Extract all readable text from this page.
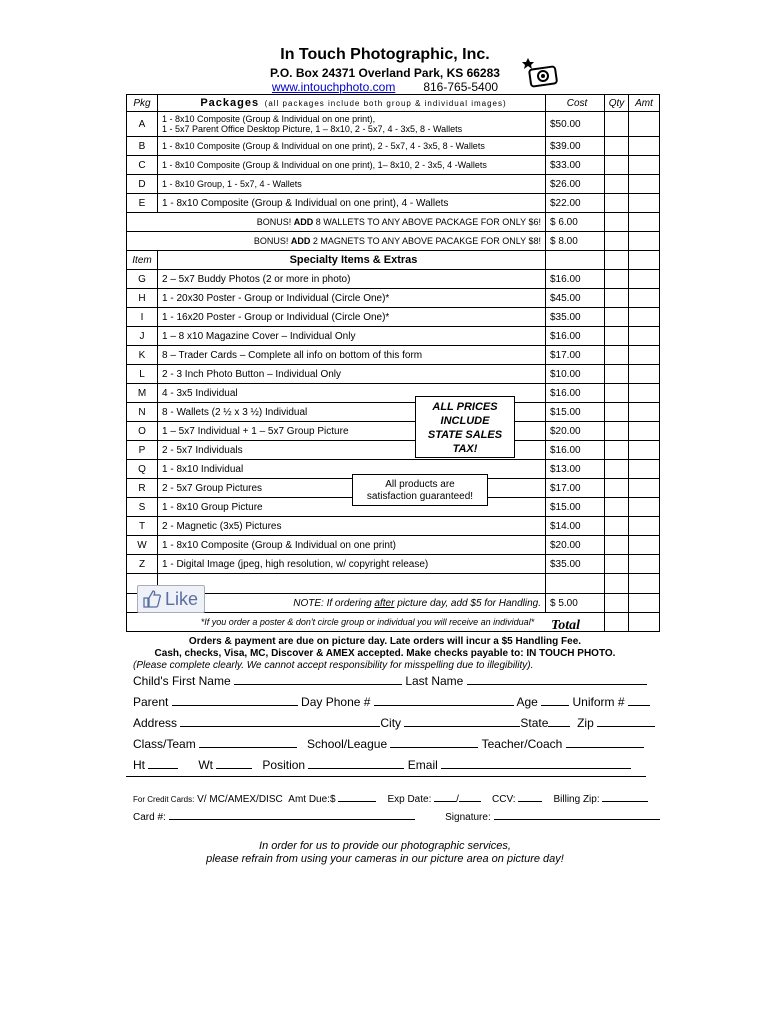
In Touch Photographic, Inc.
P.O. Box 24371 Overland Park, KS 66283
www.intouchphoto.com 816-765-5400
Pkg	Packages (all packages include both group & individual images)	Cost	Qty	Amt
A	1 - 8x10 Composite (Group & Individual on one print),
1 - 5x7 Parent Office Desktop Picture, 1 – 8x10, 2 - 5x7, 4 - 3x5, 8 - Wallets	$50.00		
B	1 - 8x10 Composite (Group & Individual on one print), 2 - 5x7, 4 - 3x5, 8 - Wallets	$39.00		
C	1 - 8x10 Composite (Group & Individual on one print), 1– 8x10, 2 - 3x5, 4 -Wallets	$33.00		
D	1 - 8x10 Group, 1 - 5x7, 4 - Wallets	$26.00		
E	1 - 8x10 Composite (Group & Individual on one print), 4 - Wallets	$22.00		
BONUS! ADD 8 WALLETS TO ANY ABOVE PACKAGE FOR ONLY $6!		$ 6.00		
BONUS! ADD 2 MAGNETS TO ANY ABOVE PACAKGE FOR ONLY $8!		$ 8.00		
Item	Specialty Items & Extras			
G	2 – 5x7 Buddy Photos (2 or more in photo)	$16.00		
H	1 - 20x30 Poster - Group or Individual (Circle One)*	$45.00		
I	1 - 16x20 Poster - Group or Individual (Circle One)*	$35.00		
J	1 – 8 x10 Magazine Cover – Individual Only	$16.00		
K	8 – Trader Cards – Complete all info on bottom of this form	$17.00		
L	2 - 3 Inch Photo Button – Individual Only	$10.00		
M	4 - 3x5 Individual	$16.00		
N	8 - Wallets (2 ½ x 3 ½) Individual	$15.00		
O	1 – 5x7 Individual + 1 – 5x7 Group Picture	$20.00		
P	2 - 5x7 Individuals	$16.00		
Q	1 - 8x10 Individual	$13.00		
R	2 - 5x7 Group Pictures	$17.00		
S	1 - 8x10 Group Picture	$15.00		
T	2 - Magnetic (3x5) Pictures	$14.00		
W	1 - 8x10 Composite (Group & Individual on one print)	$20.00		
Z	1 - Digital Image (jpeg, high resolution, w/ copyright release)	$35.00		

NOTE: If ordering after picture day, add $5 for Handling.		$ 5.00		
*If you order a poster & don't circle group or individual you will receive an individual*				Total
ALL PRICES
INCLUDE
STATE SALES
TAX!
All products are
satisfaction guaranteed!
Like
Orders & payment are due on picture day. Late orders will incur a $5 Handling Fee.
Cash, checks, Visa, MC, Discover & AMEX accepted. Make checks payable to: IN TOUCH PHOTO.
(Please complete clearly. We cannot accept responsibility for misspelling due to illegibility).
Child's First Name	Last Name
Parent	Day Phone #	Age	Uniform #
Address	City	State Zip
Class/Team	School/League	Teacher/Coach
Ht	Wt	Position	Email
For Credit Cards: V/ MC/AMEX/DISC Amt Due:$	Exp Date: /	CCV:	Billing Zip:
Card #:	Signature:
In order for us to provide our photographic services,
please refrain from using your cameras in our picture area on picture day!
